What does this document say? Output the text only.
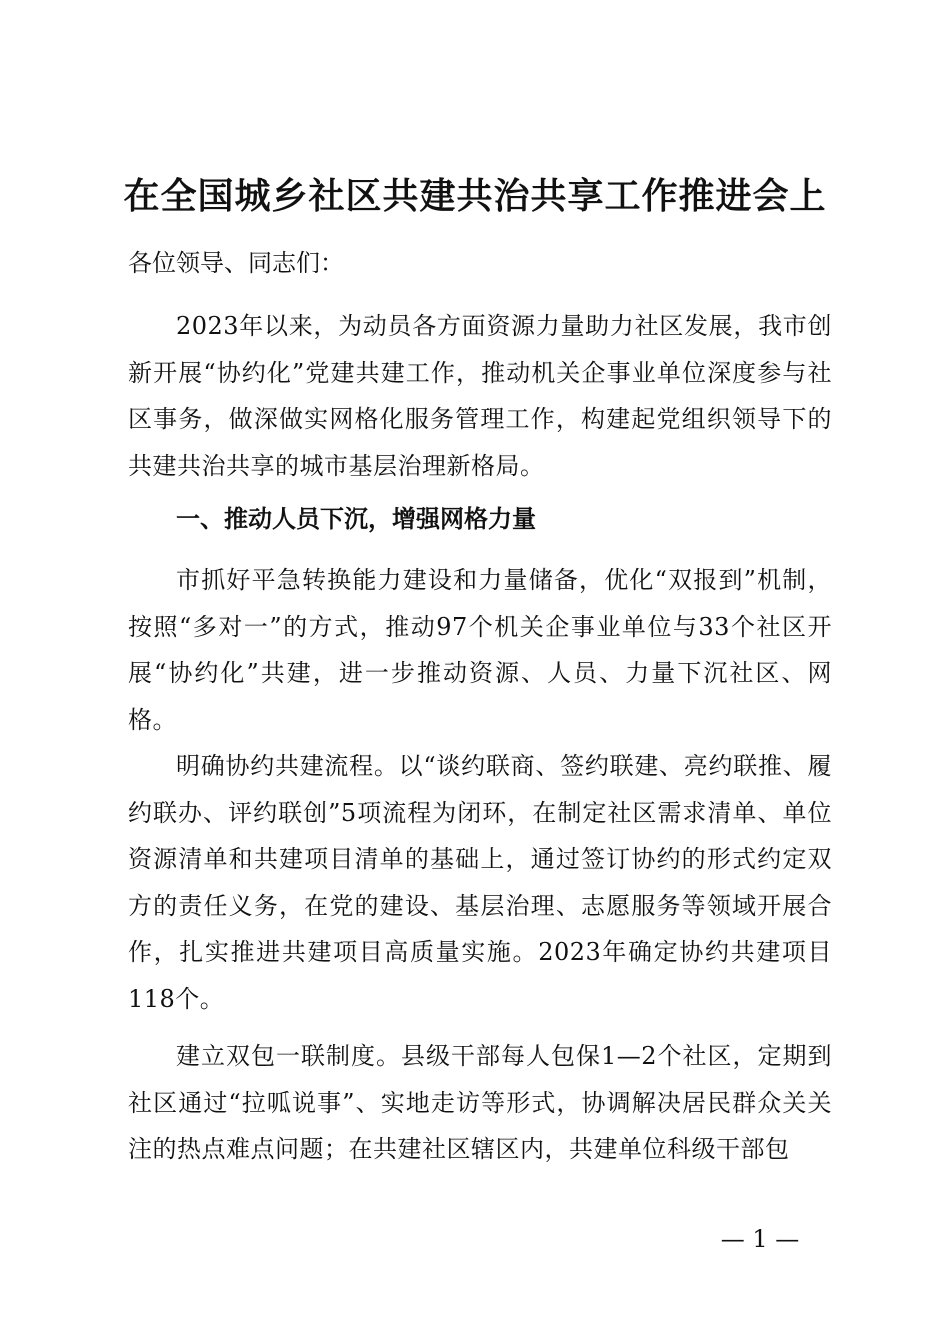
在全国城乡社区共建共治共享工作推进会上
各位领导、同志们：

2023年以来，为动员各方面资源力量助力社区发展，我市创新开展“协约化”党建共建工作，推动机关企事业单位深度参与社区事务，做深做实网格化服务管理工作，构建起党组织领导下的共建共治共享的城市基层治理新格局。

一、推动人员下沉，增强网格力量

市抓好平急转换能力建设和力量储备，优化“双报到”机制，按照“多对一”的方式，推动97个机关企事业单位与33个社区开展“协约化”共建，进一步推动资源、人员、力量下沉社区、网格。

明确协约共建流程。以“谈约联商、签约联建、亮约联推、履约联办、评约联创”5项流程为闭环，在制定社区需求清单、单位资源清单和共建项目清单的基础上，通过签订协约的形式约定双方的责任义务，在党的建设、基层治理、志愿服务等领域开展合作，扎实推进共建项目高质量实施。2023年确定协约共建项目118个。

建立双包一联制度。县级干部每人包保1—2个社区，定期到社区通过“拉呱说事”、实地走访等形式，协调解决居民群众关关注的热点难点问题；在共建社区辖区内，共建单位科级干部包

— 1 —
